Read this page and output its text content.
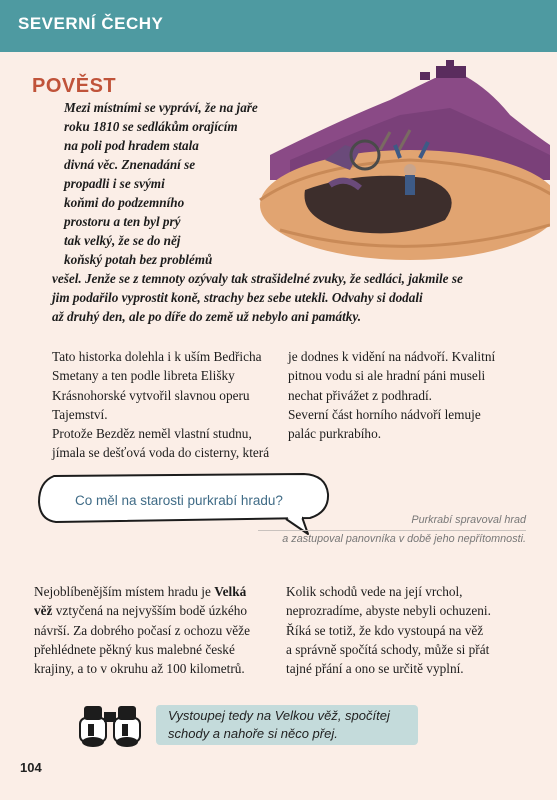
SEVERNÍ ČECHY
POVĚST
Mezi místními se vypráví, že na jaře
roku 1810 se sedlákům orajícím
na poli pod hradem stala
divná věc. Znenadání se
propadli i se svými
koňmi do podzemního
prostoru a ten byl prý
tak velký, že se do něj
koňský potah bez problémů
vešel. Jenže se z temnoty ozývaly tak strašidelné zvuky, že sedláci, jakmile se
jim podařilo vyprostit koně, strachy bez sebe utekli. Odvahy si dodali
až druhý den, ale po díře do země už nebylo ani památky.

Tato historka dolehla i k uším Bedřicha

Smetany a ten podle libreta Elišky

Krásnohorské vytvořil slavnou operu

Tajemství.

Protože Bezděz neměl vlastní studnu,

jímala se dešťová voda do cisterny, která

je dodnes k vidění na nádvoří. Kvalitní

pitnou vodu si ale hradní páni museli

nechat přivážet z podhradí.

Severní část horního nádvoří lemuje

palác purkrabího.

Co měl na starosti purkrabí hradu?
Purkrabí spravoval hrad
a zastupoval panovníka v době jeho nepřítomnosti.

Nejoblíbenějším místem hradu je Velká

věž vztyčená na nejvyšším bodě úzkého

návrší. Za dobrého počasí z ochozu věže

přehlédnete pěkný kus malebné české

krajiny, a to v okruhu až 100 kilometrů.

Kolik schodů vede na její vrchol,

neprozradíme, abyste nebyli ochuzeni.

Říká se totiž, že kdo vystoupá na věž

a správně spočítá schody, může si přát

tajné přání a ono se určitě vyplní.

Vystoupej tedy na Velkou věž, spočítej
schody a nahoře si něco přej.
104
